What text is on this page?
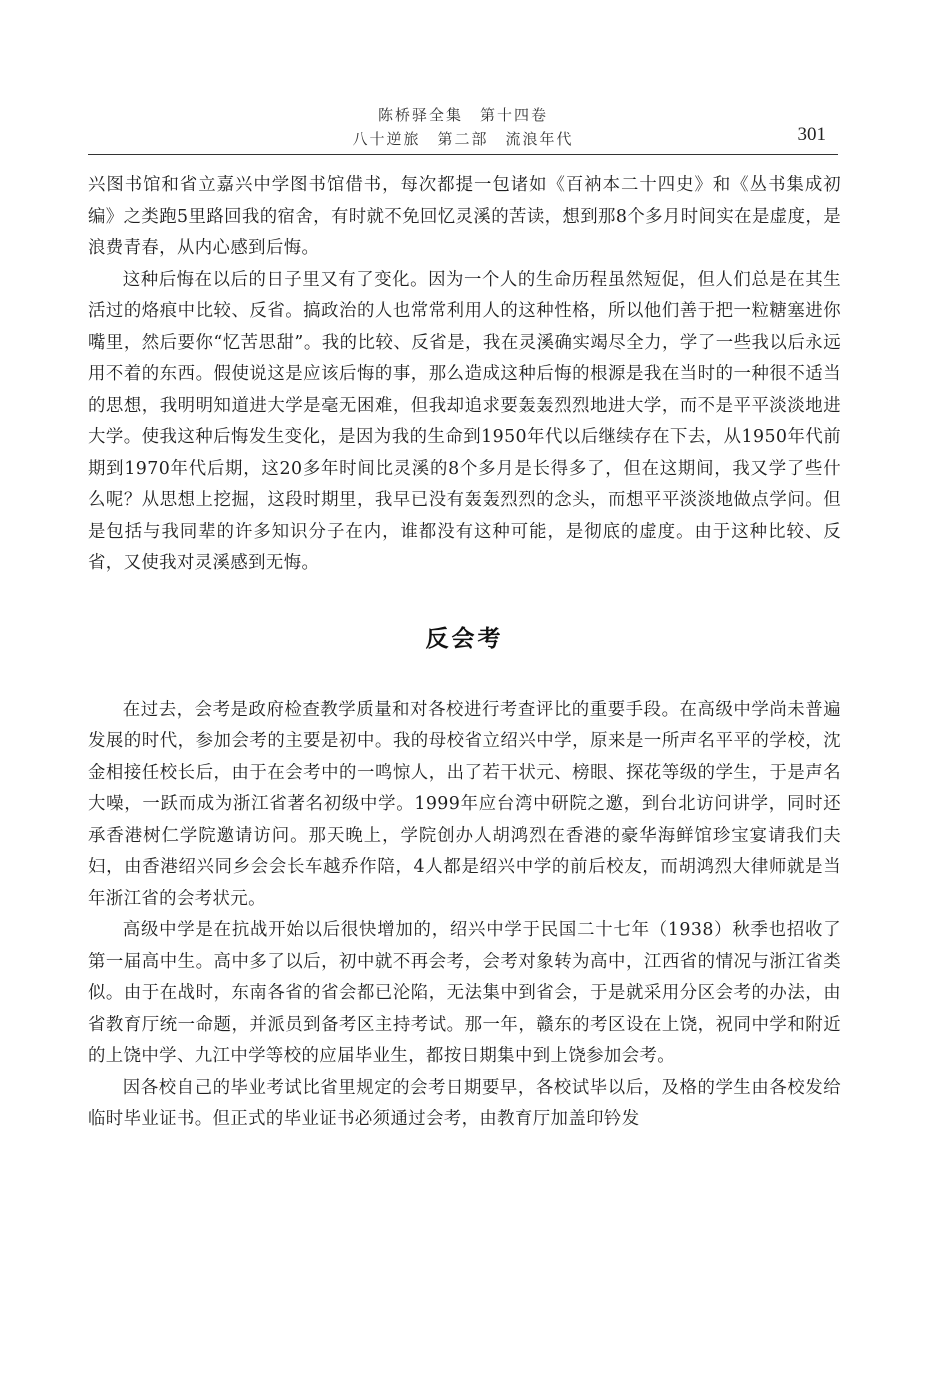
陈桥驿全集　第十四卷
八十逆旅　第二部　流浪年代	301

兴图书馆和省立嘉兴中学图书馆借书，每次都提一包诸如《百衲本二十四史》和《丛书集成初编》之类跑5里路回我的宿舍，有时就不免回忆灵溪的苦读，想到那8个多月时间实在是虚度，是浪费青春，从内心感到后悔。

这种后悔在以后的日子里又有了变化。因为一个人的生命历程虽然短促，但人们总是在其生活过的烙痕中比较、反省。搞政治的人也常常利用人的这种性格，所以他们善于把一粒糖塞进你嘴里，然后要你“忆苦思甜”。我的比较、反省是，我在灵溪确实竭尽全力，学了一些我以后永远用不着的东西。假使说这是应该后悔的事，那么造成这种后悔的根源是我在当时的一种很不适当的思想，我明明知道进大学是毫无困难，但我却追求要轰轰烈烈地进大学，而不是平平淡淡地进大学。使我这种后悔发生变化，是因为我的生命到1950年代以后继续存在下去，从1950年代前期到1970年代后期，这20多年时间比灵溪的8个多月是长得多了，但在这期间，我又学了些什么呢？从思想上挖掘，这段时期里，我早已没有轰轰烈烈的念头，而想平平淡淡地做点学问。但是包括与我同辈的许多知识分子在内，谁都没有这种可能，是彻底的虚度。由于这种比较、反省，又使我对灵溪感到无悔。

反会考

在过去，会考是政府检查教学质量和对各校进行考查评比的重要手段。在高级中学尚未普遍发展的时代，参加会考的主要是初中。我的母校省立绍兴中学，原来是一所声名平平的学校，沈金相接任校长后，由于在会考中的一鸣惊人，出了若干状元、榜眼、探花等级的学生，于是声名大噪，一跃而成为浙江省著名初级中学。1999年应台湾中研院之邀，到台北访问讲学，同时还承香港树仁学院邀请访问。那天晚上，学院创办人胡鸿烈在香港的豪华海鲜馆珍宝宴请我们夫妇，由香港绍兴同乡会会长车越乔作陪，4人都是绍兴中学的前后校友，而胡鸿烈大律师就是当年浙江省的会考状元。

高级中学是在抗战开始以后很快增加的，绍兴中学于民国二十七年（1938）秋季也招收了第一届高中生。高中多了以后，初中就不再会考，会考对象转为高中，江西省的情况与浙江省类似。由于在战时，东南各省的省会都已沦陷，无法集中到省会，于是就采用分区会考的办法，由省教育厅统一命题，并派员到备考区主持考试。那一年，赣东的考区设在上饶，祝同中学和附近的上饶中学、九江中学等校的应届毕业生，都按日期集中到上饶参加会考。

因各校自己的毕业考试比省里规定的会考日期要早，各校试毕以后，及格的学生由各校发给临时毕业证书。但正式的毕业证书必须通过会考，由教育厅加盖印钤发
